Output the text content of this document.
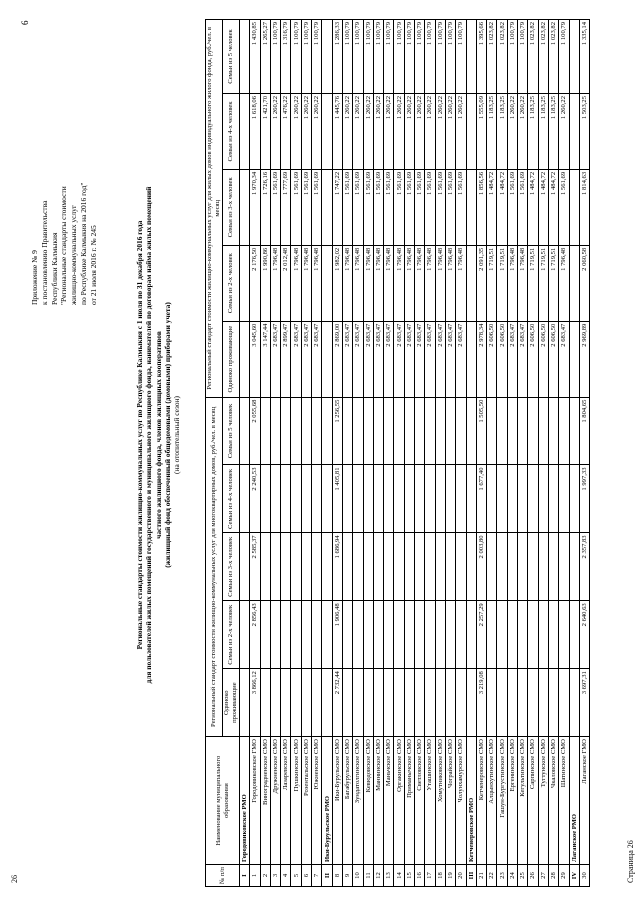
26
6
Приложение № 9 к постановлению Правительства Республики Калмыкия "Региональные стандарты стоимости жилищно-коммунальных услуг по Республике Калмыкия на 2016 год" от 21 июля 2016 г. № 245	Региональные стандарты стоимости жилищно-коммунальных услуг по Республике Калмыкия с 1 июля по 31 декабря 2016 года для пользователей жилых помещений государственного и муниципального жилищного фонда, нанимателей по договорам найма жилых помещений частного жилищного фонда, членов жилищных кооперативов (жилищный фонд обеспеченный общедомовыми (домовыми) приборами учета) (на отопительный сезон)
№ п/п	Наименование муниципального образования	Региональный стандарт стоимости жилищно-коммунальных услуг для многоквартирных домов, руб./чел. в месяц					Региональный стандарт стоимости жилищно-коммунальных услуг для жилых домов индивидуального жилого фонда, руб./чел. в месяц				
		Одиноко проживающие	Семьи из 2-х человек	Семьи из 3-х человек	Семьи из 4-х человек	Семьи из 5 человек	Одиноко проживающие	Семьи из 2-х человек	Семьи из 3-х человек	Семьи из 4-х человек	Семьи из 5 человек
I	Городовиковское РМО										
1	Городовиковское ГМО	3 866,12	2 856,43	2 585,37	2 240,53	2 055,68	3 045,60	2 176,50	1 970,34	1 618,06	1 430,85
2	Виноградненское СМО						3 147,44	1 990,86	1 726,16	1 421,70	1 265,27
3	Дружненское СМО						2 683,47	1 796,48	1 561,69	1 260,22	1 100,79
4	Лазаревское СМО						2 899,47	2 012,48	1 777,69	1 476,22	1 316,79
5	Пушкинское СМО						2 683,47	1 796,48	1 561,69	1 260,22	1 100,79
6	Розентальское СМО						2 683,47	1 796,48	1 561,69	1 260,22	1 100,79
7	Южненское СМО						2 683,47	1 796,48	1 561,69	1 260,22	1 100,79
II	Ики-Бурульское РМО										
8	Ики-Бурульское СМО	2 732,44	1 906,48	1 686,94	1 405,81	1 256,55	2 869,00	1 982,02	1 747,22	1 445,76	1 286,33
9	Багабурульское СМО						2 683,47	1 796,48	1 561,69	1 260,22	1 100,79
10	Зундатолгинское СМО						2 683,47	1 796,48	1 561,69	1 260,22	1 100,79
11	Кевюдовское СМО						2 683,47	1 796,48	1 561,69	1 260,22	1 100,79
12	Маннинское СМО						2 683,47	1 796,48	1 561,69	1 260,22	1 100,79
13	Маньчское СМО						2 683,47	1 796,48	1 561,69	1 260,22	1 100,79
14	Оргакинское СМО						2 683,47	1 796,48	1 561,69	1 260,22	1 100,79
15	Приманычское СМО						2 683,47	1 796,48	1 561,69	1 260,22	1 100,79
16	Светловское СМО						2 683,47	1 796,48	1 561,69	1 260,22	1 100,79
17	Уташинское СМО						2 683,47	1 796,48	1 561,69	1 260,22	1 100,79
18	Хомутниковское СМО						2 683,47	1 796,48	1 561,69	1 260,22	1 100,79
19	Чограйское СМО						2 683,47	1 796,48	1 561,69	1 260,22	1 100,79
20	Чолунхамурское СМО						2 683,47	1 796,48	1 561,69	1 260,22	1 100,79
III	Кетченеровское РМО										
21	Кетченеровское СМО	3 219,08	2 257,29	2 003,80	1 677,40	1 505,50	2 978,34	2 091,35	1 856,56	1 555,09	1 395,66
22	Алцынхутинское СМО						2 606,50	1 719,51	1 484,72	1 183,25	1 023,82
23	Гашун-Бургустинское СМО						2 606,50	1 719,51	1 484,72	1 183,25	1 023,82
24	Ергенинское СМО						2 683,47	1 796,48	1 561,69	1 260,22	1 100,79
25	Кегультинское СМО						2 683,47	1 796,48	1 561,69	1 260,22	1 100,79
26	Сарпинское СМО						2 606,50	1 719,51	1 484,72	1 183,25	1 023,82
27	Тугтунское СМО						2 606,50	1 719,51	1 484,72	1 183,25	1 023,82
28	Чкаловское СМО						2 606,50	1 719,51	1 484,72	1 183,25	1 023,82
29	Шатинское СМО						2 683,47	1 796,48	1 561,69	1 260,22	1 100,79
IV	Лаганское РМО										
30	Лаганское ГМО	3 697,31	2 640,63	2 357,83	1 997,33	1 804,65	2 969,89	2 060,58	1 814,63	1 503,25	1 335,14
Страница 26
